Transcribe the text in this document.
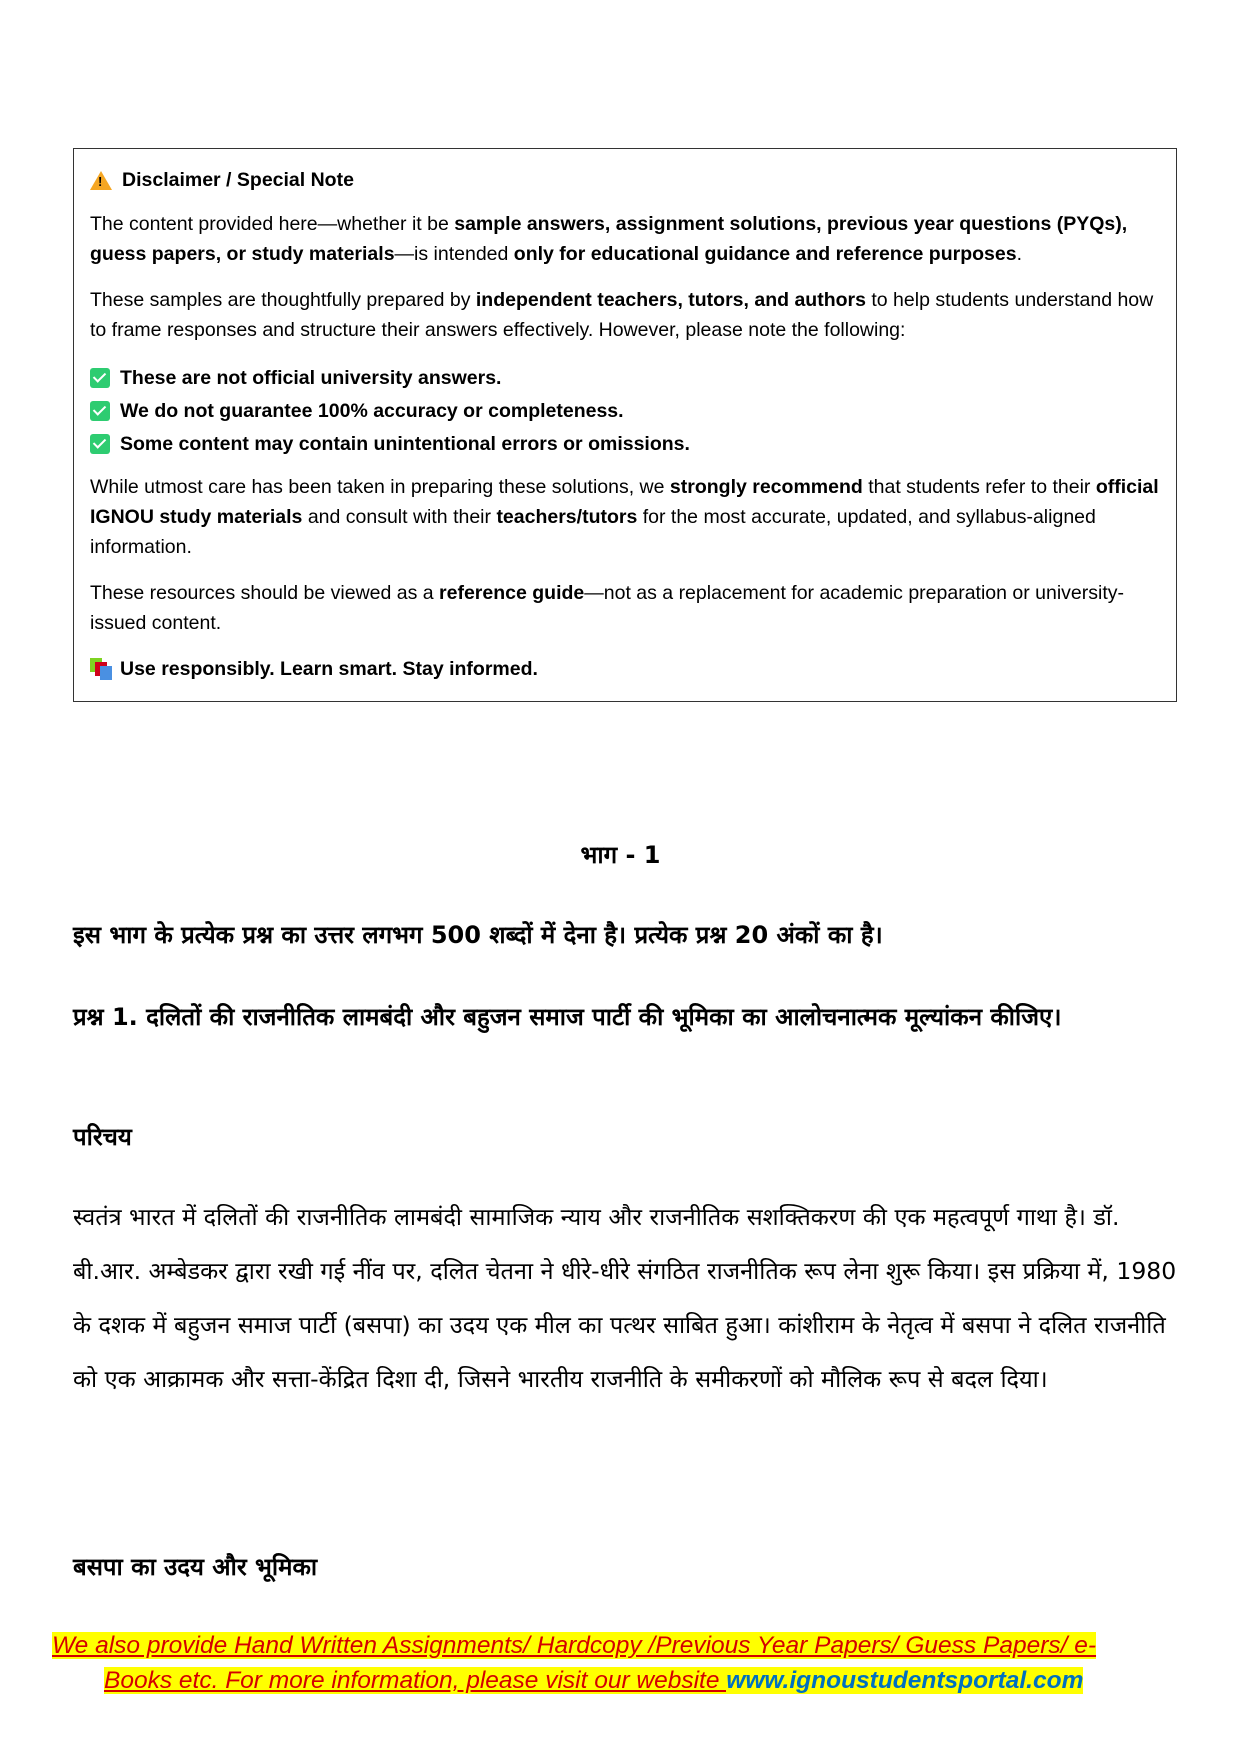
!
Disclaimer / Special Note

The content provided here—whether it be sample answers, assignment solutions, previous year questions (PYQs), guess papers, or study materials—is intended only for educational guidance and reference purposes.

These samples are thoughtfully prepared by independent teachers, tutors, and authors to help students understand how to frame responses and structure their answers effectively. However, please note the following:

These are not official university answers.
We do not guarantee 100% accuracy or completeness.
Some content may contain unintentional errors or omissions.

While utmost care has been taken in preparing these solutions, we strongly recommend that students refer to their official IGNOU study materials and consult with their teachers/tutors for the most accurate, updated, and syllabus-aligned information.

These resources should be viewed as a reference guide—not as a replacement for academic preparation or university-issued content.

Use responsibly. Learn smart. Stay informed.
भाग - 1
इस भाग के प्रत्येक प्रश्न का उत्तर लगभग 500 शब्दों में देना है। प्रत्येक प्रश्न 20 अंकों का है।
प्रश्न 1. दलितों की राजनीतिक लामबंदी और बहुजन समाज पार्टी की भूमिका का आलोचनात्मक मूल्यांकन कीजिए।
परिचय
स्वतंत्र भारत में दलितों की राजनीतिक लामबंदी सामाजिक न्याय और राजनीतिक सशक्तिकरण की एक महत्वपूर्ण गाथा है। डॉ. बी.आर. अम्बेडकर द्वारा रखी गई नींव पर, दलित चेतना ने धीरे-धीरे संगठित राजनीतिक रूप लेना शुरू किया। इस प्रक्रिया में, 1980 के दशक में बहुजन समाज पार्टी (बसपा) का उदय एक मील का पत्थर साबित हुआ। कांशीराम के नेतृत्व में बसपा ने दलित राजनीति को एक आक्रामक और सत्ता-केंद्रित दिशा दी, जिसने भारतीय राजनीति के समीकरणों को मौलिक रूप से बदल दिया।
बसपा का उदय और भूमिका
We also provide Hand Written Assignments/ Hardcopy /Previous Year Papers/ Guess Papers/ e-
Books etc. For more information, please visit our website www.ignoustudentsportal.com
